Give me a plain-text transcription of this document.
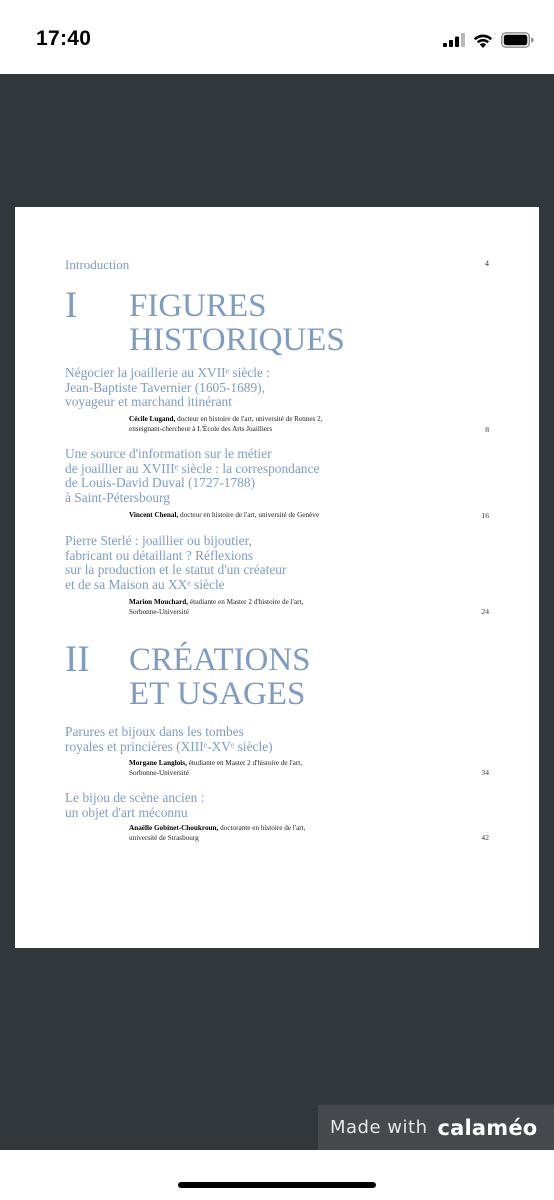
17:40
Introduction	4
I FIGURES
HISTORIQUES
Négocier la joaillerie au XVIIᵉ siècle :
Jean-Baptiste Tavernier (1605-1689),
voyageur et marchand itinérant
Cécile Lugand, docteur en histoire de l'art, université de Rennes 2,
enseignant-chercheur à L'École des Arts Joailliers	8
Une source d'information sur le métier
de joaillier au XVIIIᵉ siècle : la correspondance
de Louis-David Duval (1727-1788)
à Saint-Pétersbourg
Vincent Chenal, docteur en histoire de l'art, université de Genève	16
Pierre Sterlé : joaillier ou bijoutier,
fabricant ou détaillant ? Réflexions
sur la production et le statut d'un créateur
et de sa Maison au XXᵉ siècle
Marion Mouchard, étudiante en Master 2 d'histoire de l'art,
Sorbonne-Université	24
II CRÉATIONS
ET USAGES
Parures et bijoux dans les tombes
royales et princières (XIIIᵉ-XVᵉ siècle)
Morgane Langlois, étudiante en Master 2 d'histoire de l'art,
Sorbonne-Université	34
Le bijou de scène ancien :
un objet d'art méconnu
Anaëlle Gobinet-Choukroun, doctorante en histoire de l'art,
université de Strasbourg	42
Made with calaméo
